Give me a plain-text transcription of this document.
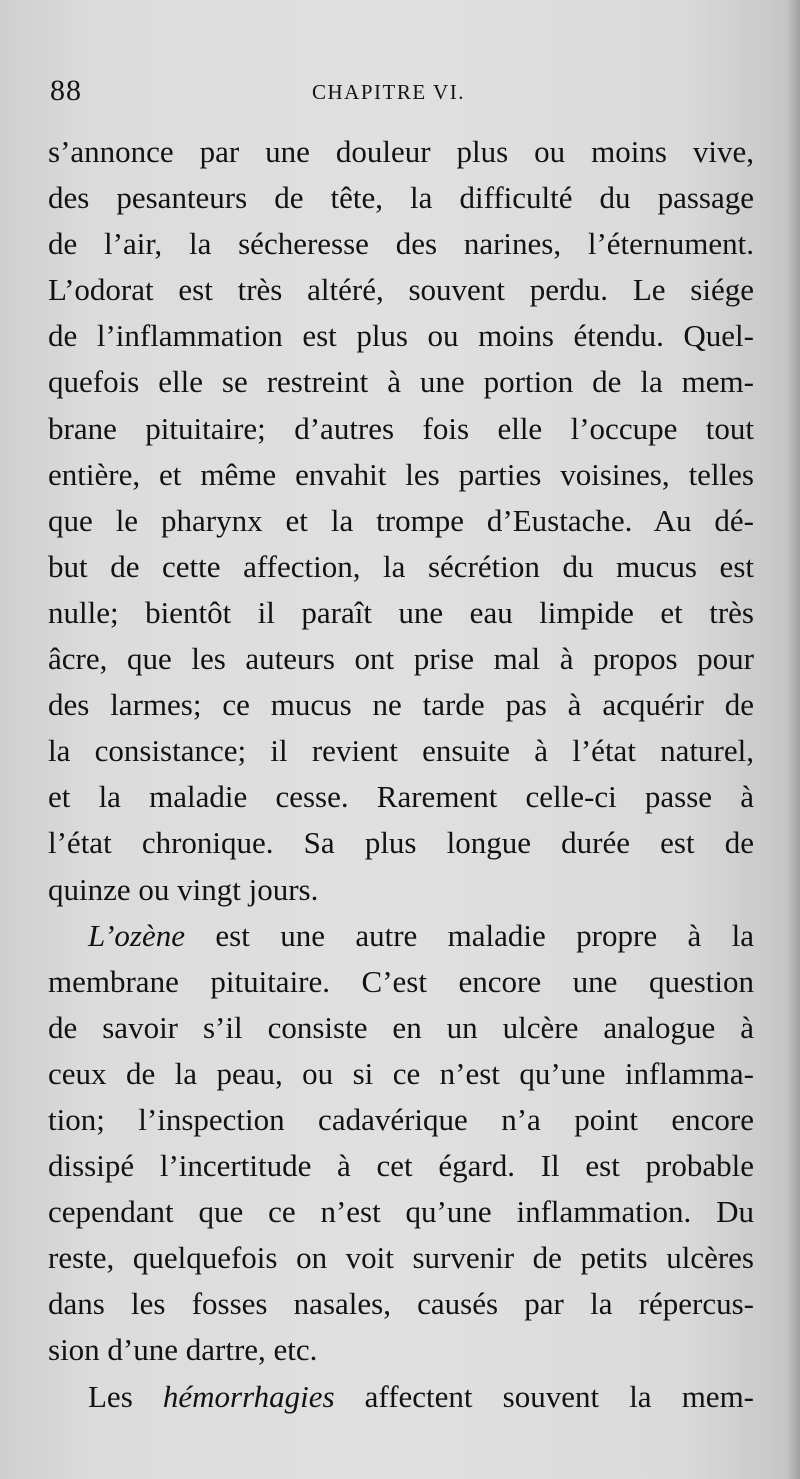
88	CHAPITRE VI.
s’annonce par une douleur plus ou moins vive,
des pesanteurs de tête, la difficulté du passage
de l’air, la sécheresse des narines, l’éternument.
L’odorat est très altéré, souvent perdu. Le siége
de l’inflammation est plus ou moins étendu. Quel-
quefois elle se restreint à une portion de la mem-
brane pituitaire; d’autres fois elle l’occupe tout
entière, et même envahit les parties voisines, telles
que le pharynx et la trompe d’Eustache. Au dé-
but de cette affection, la sécrétion du mucus est
nulle; bientôt il paraît une eau limpide et très
âcre, que les auteurs ont prise mal à propos pour
des larmes; ce mucus ne tarde pas à acquérir de
la consistance; il revient ensuite à l’état naturel,
et la maladie cesse. Rarement celle-ci passe à
l’état chronique. Sa plus longue durée est de
quinze ou vingt jours.
L’ozène est une autre maladie propre à la
membrane pituitaire. C’est encore une question
de savoir s’il consiste en un ulcère analogue à
ceux de la peau, ou si ce n’est qu’une inflamma-
tion; l’inspection cadavérique n’a point encore
dissipé l’incertitude à cet égard. Il est probable
cependant que ce n’est qu’une inflammation. Du
reste, quelquefois on voit survenir de petits ulcères
dans les fosses nasales, causés par la répercus-
sion d’une dartre, etc.
Les hémorrhagies affectent souvent la mem-
